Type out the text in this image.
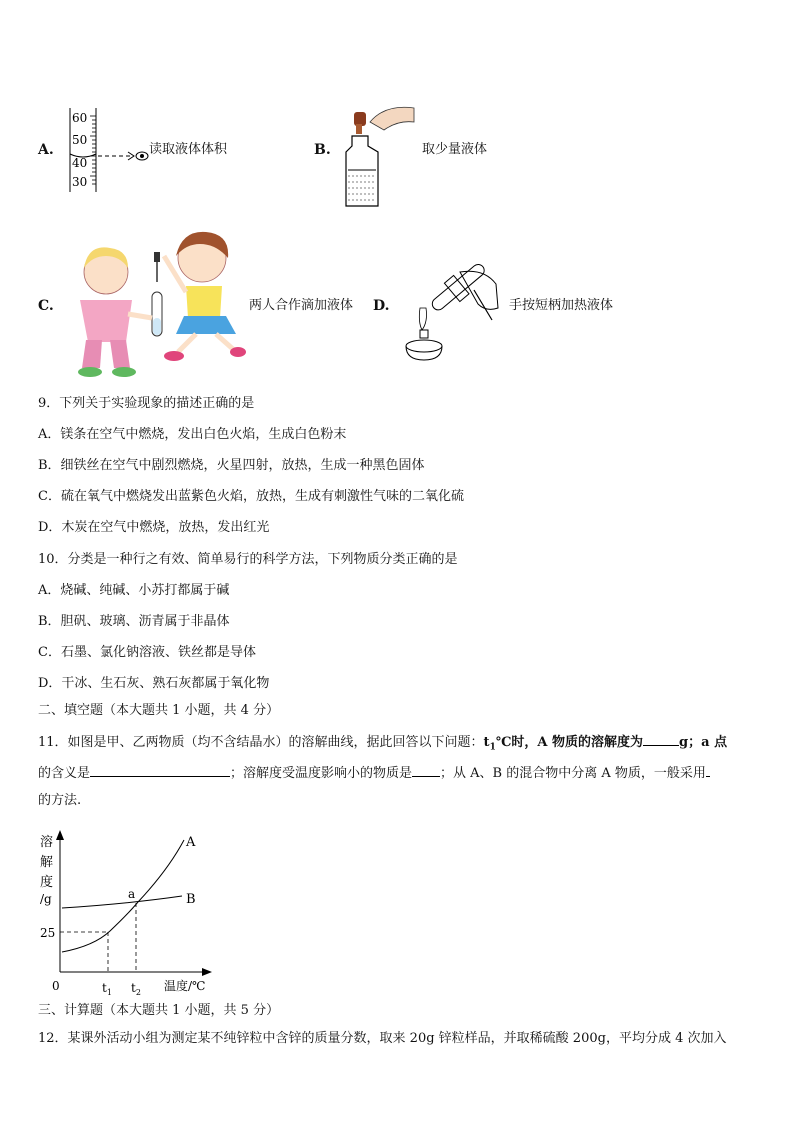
A.
60
50
40
30
读取液体体积	B.	取少量液体
C.	两人合作滴加液体 D.	手按短柄加热液体
9．下列关于实验现象的描述正确的是
A．镁条在空气中燃烧，发出白色火焰，生成白色粉末
B．细铁丝在空气中剧烈燃烧，火星四射，放热，生成一种黑色固体
C．硫在氧气中燃烧发出蓝紫色火焰，放热，生成有刺激性气味的二氧化硫
D．木炭在空气中燃烧，放热，发出红光
10．分类是一种行之有效、简单易行的科学方法，下列物质分类正确的是
A．烧碱、纯碱、小苏打都属于碱
B．胆矾、玻璃、沥青属于非晶体
C．石墨、氯化钠溶液、铁丝都是导体
D．干冰、生石灰、熟石灰都属于氧化物
二、填空题（本大题共 1 小题，共 4 分）
11．如图是甲、乙两物质（均不含结晶水）的溶解曲线，据此回答以下问题：$t_1℃$时，A 物质的溶解度为	g；a 点
的含义是	；溶解度受温度影响小的物质是 ；从 A、B 的混合物中分离 A 物质，一般采用
的方法.
溶
解
度
/g
25
0	$t_1$ $t_2$ 温度/℃
A
B
a
三、计算题（本大题共 1 小题，共 5 分）
12．某课外活动小组为测定某不纯锌粒中含锌的质量分数，取来 20g 锌粒样品，并取稀硫酸 200g，平均分成 4 次加入
